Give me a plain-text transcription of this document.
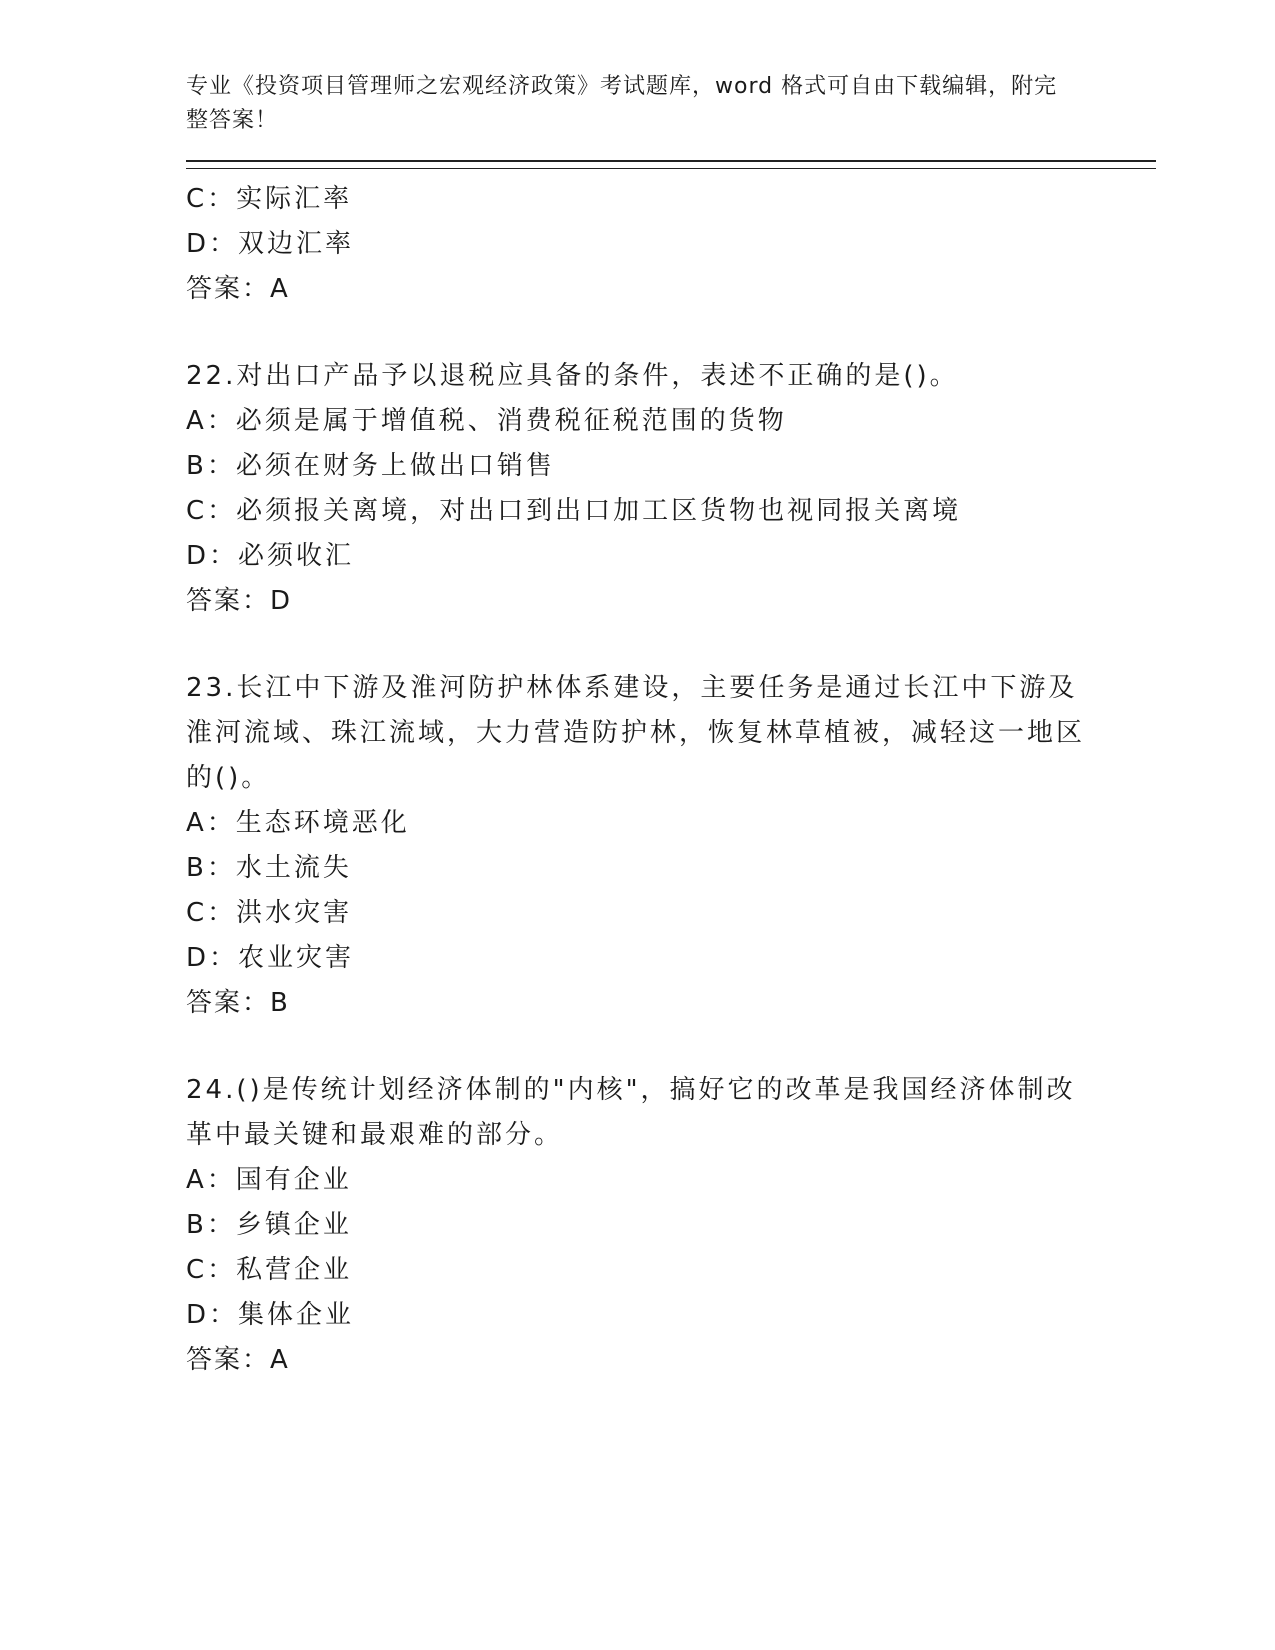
专业《投资项目管理师之宏观经济政策》考试题库，word 格式可自由下载编辑，附完整答案！
C：实际汇率
D：双边汇率
答案：A
22.对出口产品予以退税应具备的条件，表述不正确的是()。
A：必须是属于增值税、消费税征税范围的货物
B：必须在财务上做出口销售
C：必须报关离境，对出口到出口加工区货物也视同报关离境
D：必须收汇
答案：D
23.长江中下游及淮河防护林体系建设，主要任务是通过长江中下游及淮河流域、珠江流域，大力营造防护林，恢复林草植被，减轻这一地区的()。
A：生态环境恶化
B：水土流失
C：洪水灾害
D：农业灾害
答案：B
24.()是传统计划经济体制的"内核"，搞好它的改革是我国经济体制改革中最关键和最艰难的部分。
A：国有企业
B：乡镇企业
C：私营企业
D：集体企业
答案：A
